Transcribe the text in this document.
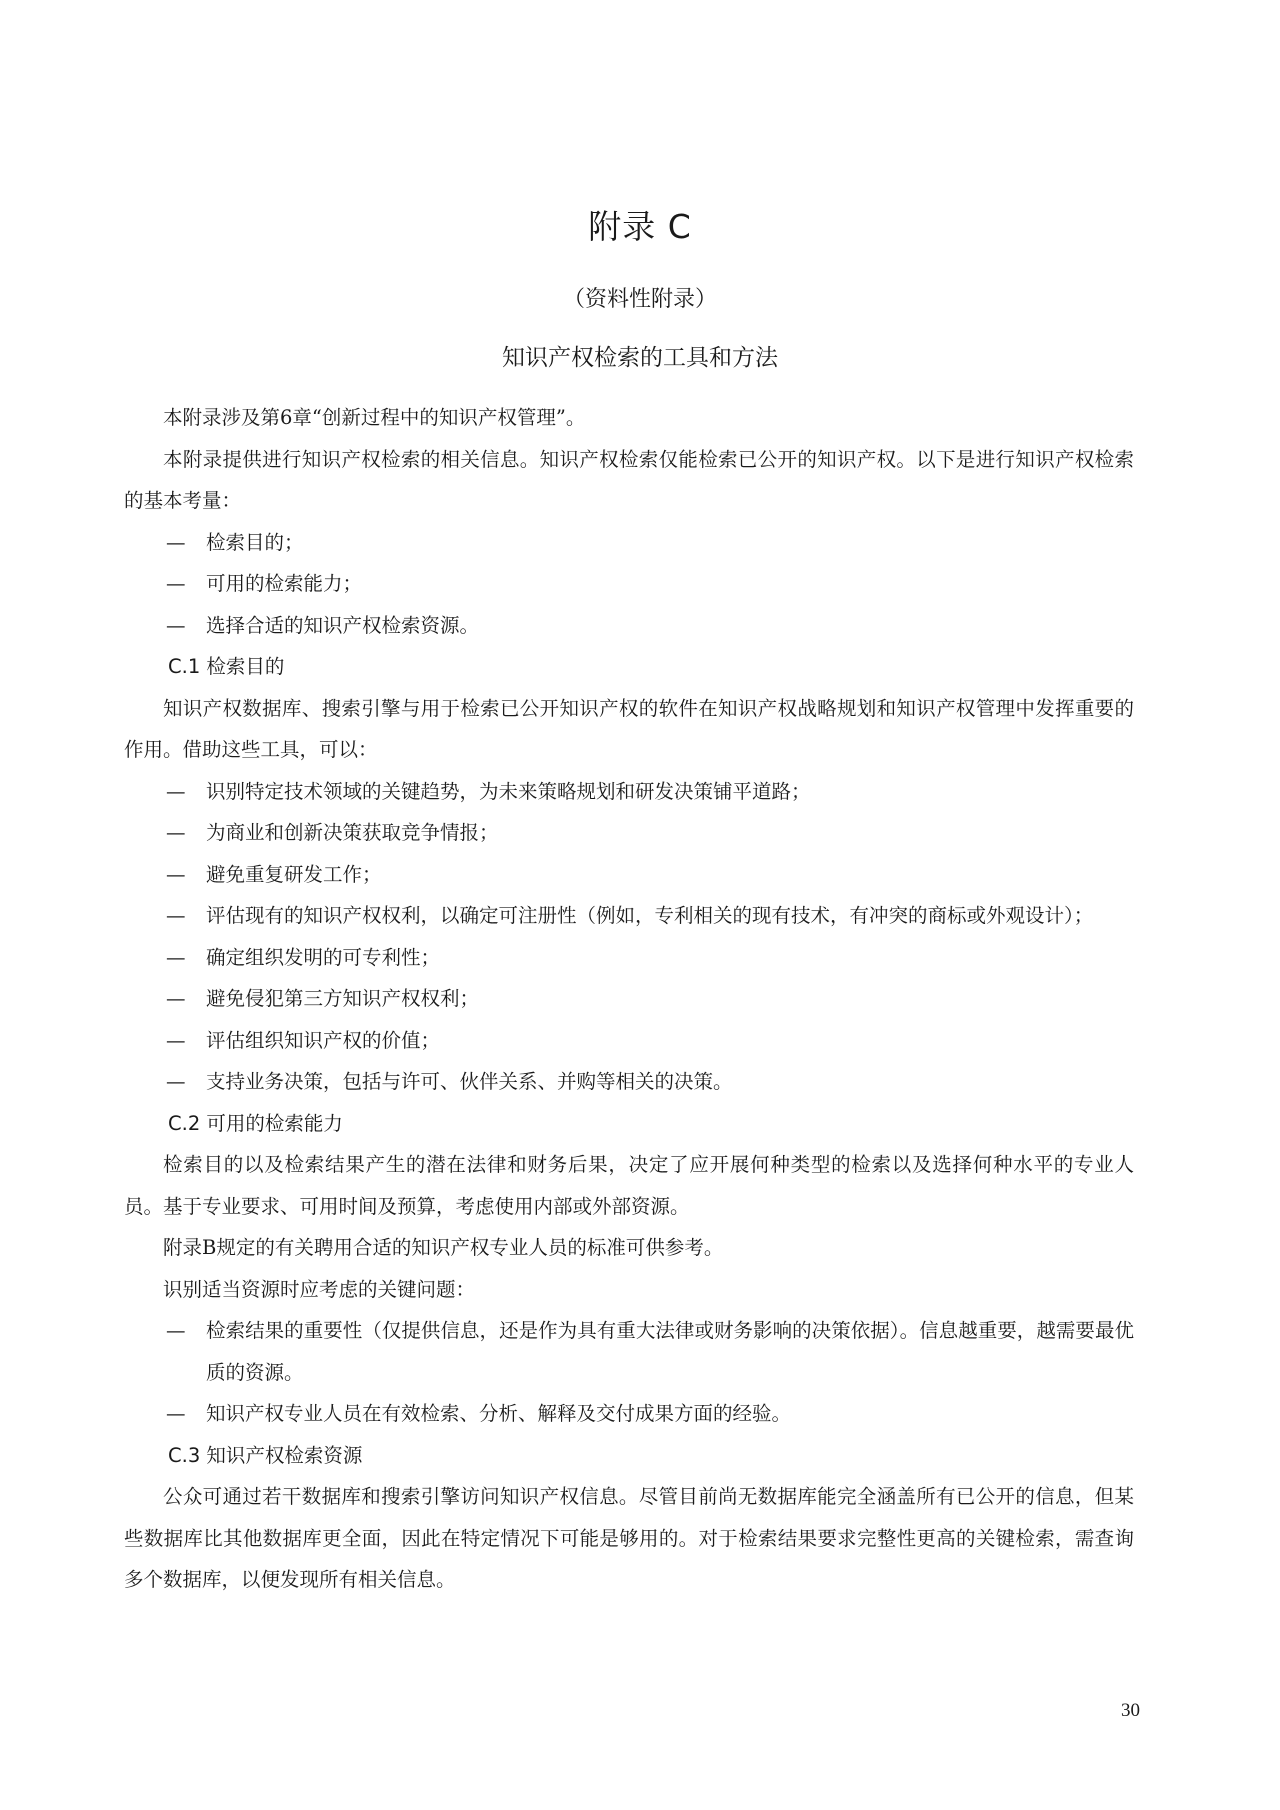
附录 C
（资料性附录）
知识产权检索的工具和方法

本附录涉及第6章“创新过程中的知识产权管理”。

本附录提供进行知识产权检索的相关信息。知识产权检索仅能检索已公开的知识产权。以下是进行知识产权检索的基本考量：

— 检索目的；

— 可用的检索能力；

— 选择合适的知识产权检索资源。

C.1 检索目的

知识产权数据库、搜索引擎与用于检索已公开知识产权的软件在知识产权战略规划和知识产权管理中发挥重要的作用。借助这些工具，可以：

— 识别特定技术领域的关键趋势，为未来策略规划和研发决策铺平道路；

— 为商业和创新决策获取竞争情报；

— 避免重复研发工作；

— 评估现有的知识产权权利，以确定可注册性（例如，专利相关的现有技术，有冲突的商标或外观设计）；

— 确定组织发明的可专利性；

— 避免侵犯第三方知识产权权利；

— 评估组织知识产权的价值；

— 支持业务决策，包括与许可、伙伴关系、并购等相关的决策。

C.2 可用的检索能力

检索目的以及检索结果产生的潜在法律和财务后果，决定了应开展何种类型的检索以及选择何种水平的专业人员。基于专业要求、可用时间及预算，考虑使用内部或外部资源。

附录B规定的有关聘用合适的知识产权专业人员的标准可供参考。

识别适当资源时应考虑的关键问题：

— 检索结果的重要性（仅提供信息，还是作为具有重大法律或财务影响的决策依据）。信息越重要，越需要最优质的资源。

— 知识产权专业人员在有效检索、分析、解释及交付成果方面的经验。

C.3 知识产权检索资源

公众可通过若干数据库和搜索引擎访问知识产权信息。尽管目前尚无数据库能完全涵盖所有已公开的信息，但某些数据库比其他数据库更全面，因此在特定情况下可能是够用的。对于检索结果要求完整性更高的关键检索，需查询多个数据库，以便发现所有相关信息。

30
